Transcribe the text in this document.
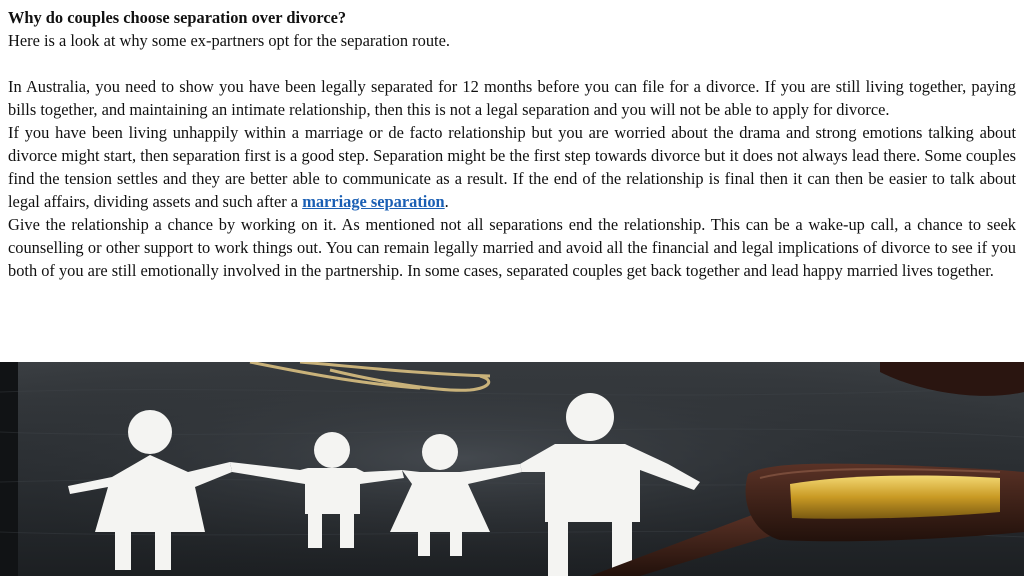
Why do couples choose separation over divorce?

Here is a look at why some ex-partners opt for the separation route.

In Australia, you need to show you have been legally separated for 12 months before you can file for a divorce. If you are still living together, paying bills together, and maintaining an intimate relationship, then this is not a legal separation and you will not be able to apply for divorce.

If you have been living unhappily within a marriage or de facto relationship but you are worried about the drama and strong emotions talking about divorce might start, then separation first is a good step. Separation might be the first step towards divorce but it does not always lead there. Some couples find the tension settles and they are better able to communicate as a result. If the end of the relationship is final then it can then be easier to talk about legal affairs, dividing assets and such after a marriage separation.

Give the relationship a chance by working on it. As mentioned not all separations end the relationship. This can be a wake-up call, a chance to seek counselling or other support to work things out. You can remain legally married and avoid all the financial and legal implications of divorce to see if you both of you are still emotionally involved in the partnership. In some cases, separated couples get back together and lead happy married lives together.
